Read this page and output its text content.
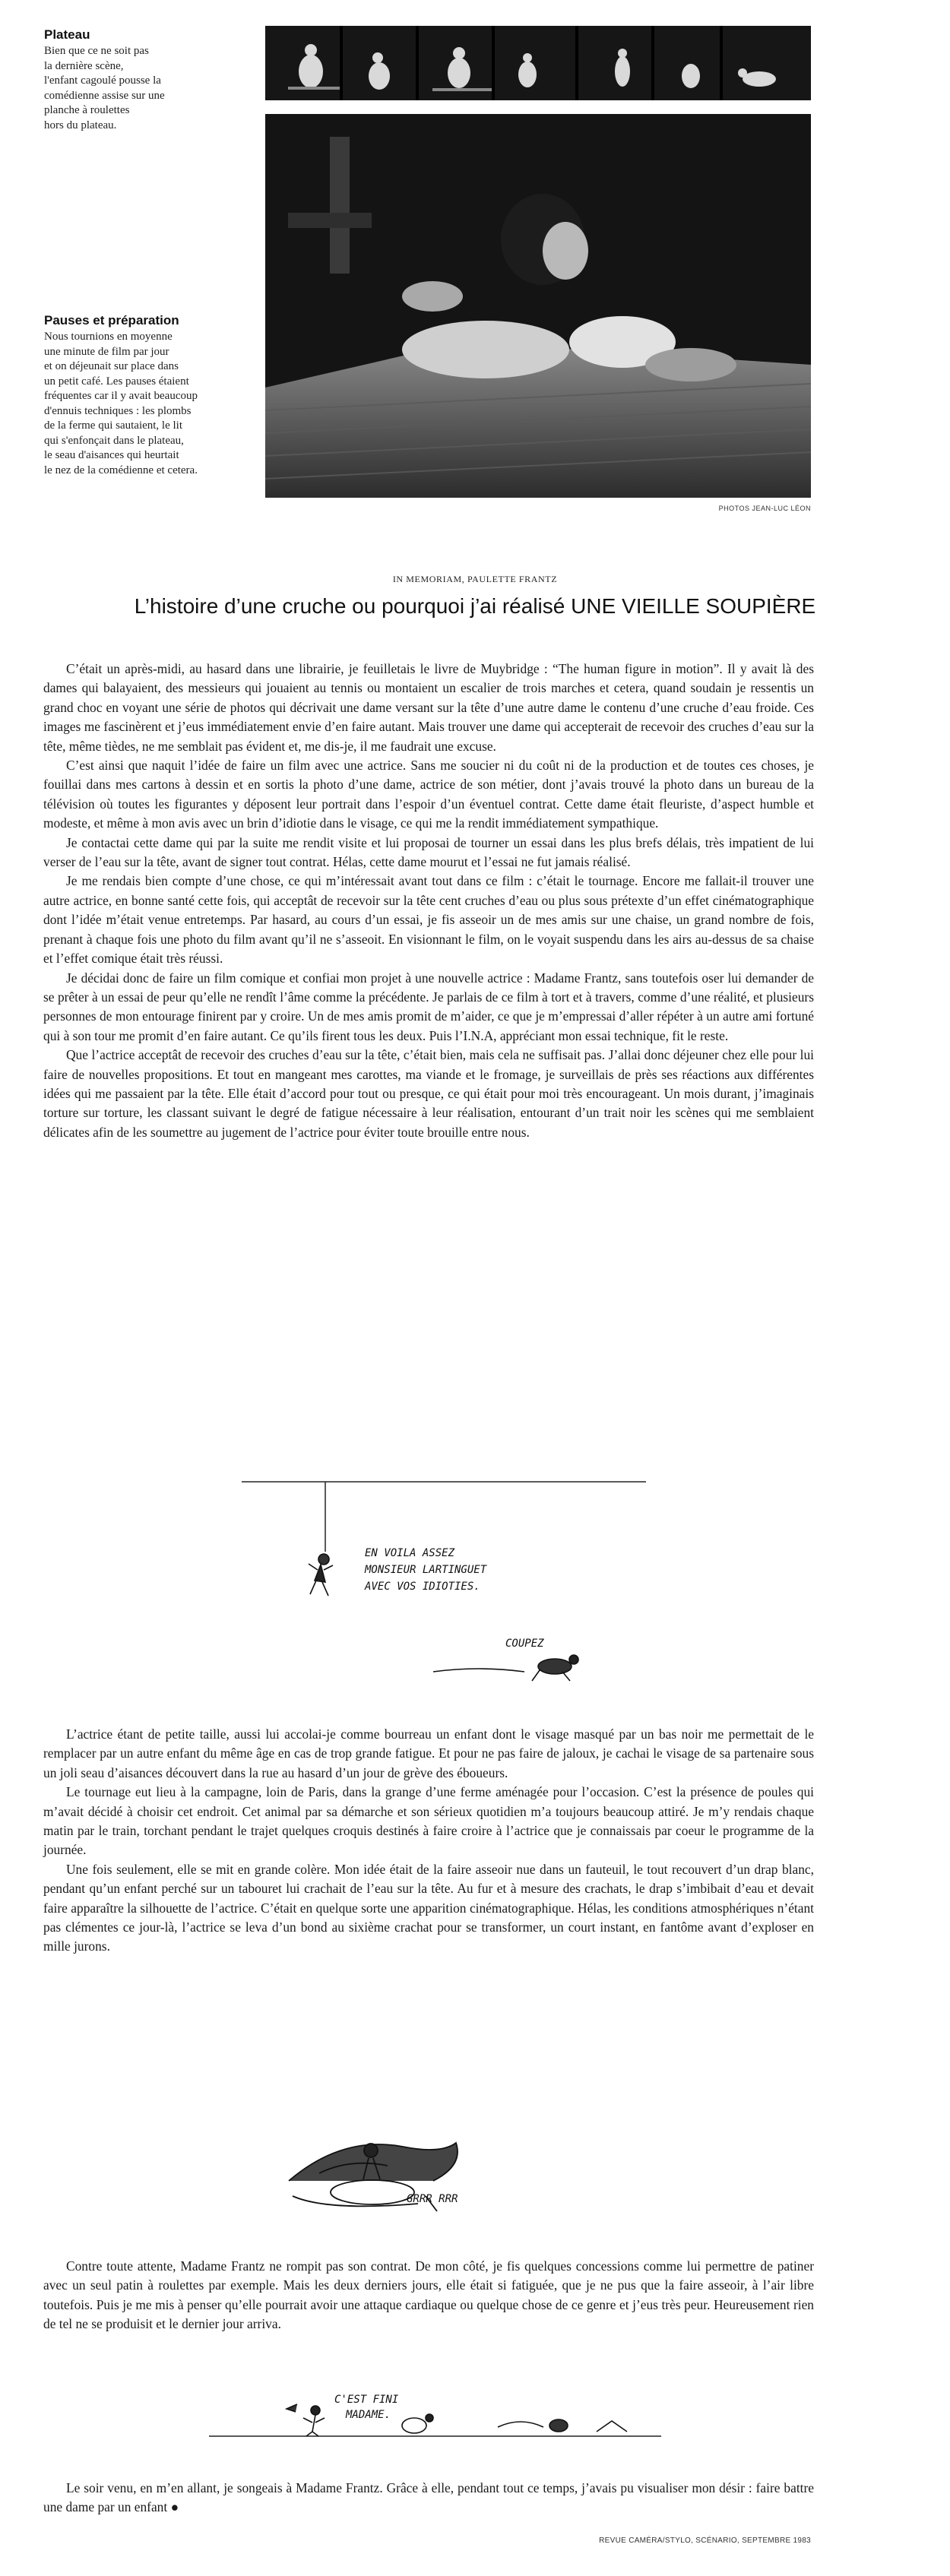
Plateau
Bien que ce ne soit pas
la dernière scène,
l'enfant cagoulé pousse la
comédienne assise sur une
planche à roulettes
hors du plateau.
Pauses et préparation
Nous tournions en moyenne
une minute de film par jour
et on déjeunait sur place dans
un petit café. Les pauses étaient
fréquentes car il y avait beaucoup
d'ennuis techniques : les plombs
de la ferme qui sautaient, le lit
qui s'enfonçait dans le plateau,
le seau d'aisances qui heurtait
le nez de la comédienne et cetera.
PHOTOS JEAN-LUC LÉON
IN MEMORIAM, PAULETTE FRANTZ
L’histoire d’une cruche ou pourquoi j’ai réalisé UNE VIEILLE SOUPIÈRE

C’était un après-midi, au hasard dans une librairie, je feuilletais le livre de Muybridge : “The human figure in motion”. Il y avait là des dames qui balayaient, des messieurs qui jouaient au tennis ou montaient un escalier de trois marches et cetera, quand soudain je ressentis un grand choc en voyant une série de photos qui décrivait une dame versant sur la tête d’une autre dame le contenu d’une cruche d’eau froide. Ces images me fascinèrent et j’eus immédiatement envie d’en faire autant. Mais trouver une dame qui accepterait de recevoir des cruches d’eau sur la tête, même tièdes, ne me semblait pas évident et, me dis-je, il me faudrait une excuse.

C’est ainsi que naquit l’idée de faire un film avec une actrice. Sans me soucier ni du coût ni de la production et de toutes ces choses, je fouillai dans mes cartons à dessin et en sortis la photo d’une dame, actrice de son métier, dont j’avais trouvé la photo dans un bureau de la télévision où toutes les figurantes y déposent leur portrait dans l’espoir d’un éventuel contrat. Cette dame était fleuriste, d’aspect humble et modeste, et même à mon avis avec un brin d’idiotie dans le visage, ce qui me la rendit immédiatement sympathique.

Je contactai cette dame qui par la suite me rendit visite et lui proposai de tourner un essai dans les plus brefs délais, très impatient de lui verser de l’eau sur la tête, avant de signer tout contrat. Hélas, cette dame mourut et l’essai ne fut jamais réalisé.

Je me rendais bien compte d’une chose, ce qui m’intéressait avant tout dans ce film : c’était le tournage. Encore me fallait-il trouver une autre actrice, en bonne santé cette fois, qui acceptât de recevoir sur la tête cent cruches d’eau ou plus sous prétexte d’un effet cinématographique dont l’idée m’était venue entretemps. Par hasard, au cours d’un essai, je fis asseoir un de mes amis sur une chaise, un grand nombre de fois, prenant à chaque fois une photo du film avant qu’il ne s’asseoit. En visionnant le film, on le voyait suspendu dans les airs au-dessus de sa chaise et l’effet comique était très réussi.

Je décidai donc de faire un film comique et confiai mon projet à une nouvelle actrice : Madame Frantz, sans toutefois oser lui demander de se prêter à un essai de peur qu’elle ne rendît l’âme comme la précédente. Je parlais de ce film à tort et à travers, comme d’une réalité, et plusieurs personnes de mon entourage finirent par y croire. Un de mes amis promit de m’aider, ce que je m’empressai d’aller répéter à un autre ami fortuné qui à son tour me promit d’en faire autant. Ce qu’ils firent tous les deux. Puis l’I.N.A, appréciant mon essai technique, fit le reste.

Que l’actrice acceptât de recevoir des cruches d’eau sur la tête, c’était bien, mais cela ne suffisait pas. J’allai donc déjeuner chez elle pour lui faire de nouvelles propositions. Et tout en mangeant mes carottes, ma viande et le fromage, je surveillais de près ses réactions aux différentes idées qui me passaient par la tête. Elle était d’accord pour tout ou presque, ce qui était pour moi très encourageant. Un mois durant, j’imaginais torture sur torture, les classant suivant le degré de fatigue nécessaire à leur réalisation, entourant d’un trait noir les scènes qui me semblaient délicates afin de les soumettre au jugement de l’actrice pour éviter toute brouille entre nous.

EN VOILA ASSEZ
MONSIEUR LARTINGUET
AVEC VOS IDIOTIES.
COUPEZ

L’actrice étant de petite taille, aussi lui accolai-je comme bourreau un enfant dont le visage masqué par un bas noir me permettait de le remplacer par un autre enfant du même âge en cas de trop grande fatigue. Et pour ne pas faire de jaloux, je cachai le visage de sa partenaire sous un joli seau d’aisances découvert dans la rue au hasard d’un jour de grève des éboueurs.

Le tournage eut lieu à la campagne, loin de Paris, dans la grange d’une ferme aménagée pour l’occasion. C’est la présence de poules qui m’avait décidé à choisir cet endroit. Cet animal par sa démarche et son sérieux quotidien m’a toujours beaucoup attiré. Je m’y rendais chaque matin par le train, torchant pendant le trajet quelques croquis destinés à faire croire à l’actrice que je connaissais par coeur le programme de la journée.

Une fois seulement, elle se mit en grande colère. Mon idée était de la faire asseoir nue dans un fauteuil, le tout recouvert d’un drap blanc, pendant qu’un enfant perché sur un tabouret lui crachait de l’eau sur la tête. Au fur et à mesure des crachats, le drap s’imbibait d’eau et devait faire apparaître la silhouette de l’actrice. C’était en quelque sorte une apparition cinématographique. Hélas, les conditions atmosphériques n’étant pas clémentes ce jour-là, l’actrice se leva d’un bond au sixième crachat pour se transformer, un court instant, en fantôme avant d’exploser en mille jurons.

GRRR RRR

Contre toute attente, Madame Frantz ne rompit pas son contrat. De mon côté, je fis quelques concessions comme lui permettre de patiner avec un seul patin à roulettes par exemple. Mais les deux derniers jours, elle était si fatiguée, que je ne pus que la faire asseoir, à l’air libre toutefois. Puis je me mis à penser qu’elle pourrait avoir une attaque cardiaque ou quelque chose de ce genre et j’eus très peur. Heureusement rien de tel ne se produisit et le dernier jour arriva.

C'EST FINI
MADAME.

Le soir venu, en m’en allant, je songeais à Madame Frantz. Grâce à elle, pendant tout ce temps, j’avais pu visualiser mon désir : faire battre une dame par un enfant ●

REVUE CAMÉRA/STYLO, SCÉNARIO, SEPTEMBRE 1983
